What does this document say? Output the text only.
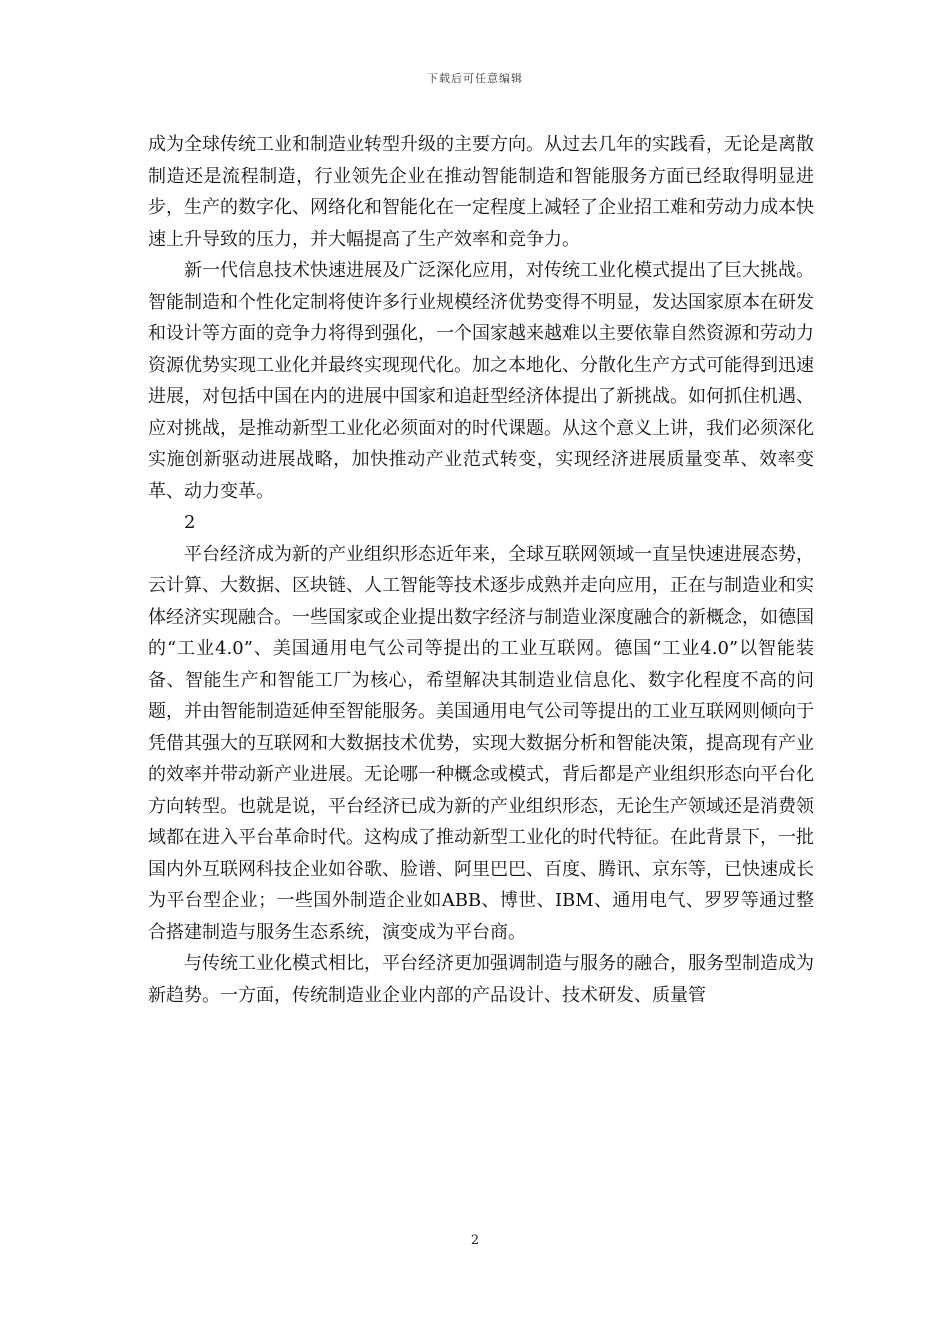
下载后可任意编辑

成为全球传统工业和制造业转型升级的主要方向。从过去几年的实践看，无论是离散制造还是流程制造，行业领先企业在推动智能制造和智能服务方面已经取得明显进步，生产的数字化、网络化和智能化在一定程度上减轻了企业招工难和劳动力成本快速上升导致的压力，并大幅提高了生产效率和竞争力。

新一代信息技术快速进展及广泛深化应用，对传统工业化模式提出了巨大挑战。智能制造和个性化定制将使许多行业规模经济优势变得不明显，发达国家原本在研发和设计等方面的竞争力将得到强化，一个国家越来越难以主要依靠自然资源和劳动力资源优势实现工业化并最终实现现代化。加之本地化、分散化生产方式可能得到迅速进展，对包括中国在内的进展中国家和追赶型经济体提出了新挑战。如何抓住机遇、应对挑战，是推动新型工业化必须面对的时代课题。从这个意义上讲，我们必须深化实施创新驱动进展战略，加快推动产业范式转变，实现经济进展质量变革、效率变革、动力变革。

2

平台经济成为新的产业组织形态近年来，全球互联网领域一直呈快速进展态势，云计算、大数据、区块链、人工智能等技术逐步成熟并走向应用，正在与制造业和实体经济实现融合。一些国家或企业提出数字经济与制造业深度融合的新概念，如德国的“工业4.0”、美国通用电气公司等提出的工业互联网。德国“工业4.0”以智能装备、智能生产和智能工厂为核心，希望解决其制造业信息化、数字化程度不高的问题，并由智能制造延伸至智能服务。美国通用电气公司等提出的工业互联网则倾向于凭借其强大的互联网和大数据技术优势，实现大数据分析和智能决策，提高现有产业的效率并带动新产业进展。无论哪一种概念或模式，背后都是产业组织形态向平台化方向转型。也就是说，平台经济已成为新的产业组织形态，无论生产领域还是消费领域都在进入平台革命时代。这构成了推动新型工业化的时代特征。在此背景下，一批国内外互联网科技企业如谷歌、脸谱、阿里巴巴、百度、腾讯、京东等，已快速成长为平台型企业；一些国外制造企业如ABB、博世、IBM、通用电气、罗罗等通过整合搭建制造与服务生态系统，演变成为平台商。

与传统工业化模式相比，平台经济更加强调制造与服务的融合，服务型制造成为新趋势。一方面，传统制造业企业内部的产品设计、技术研发、质量管

2
